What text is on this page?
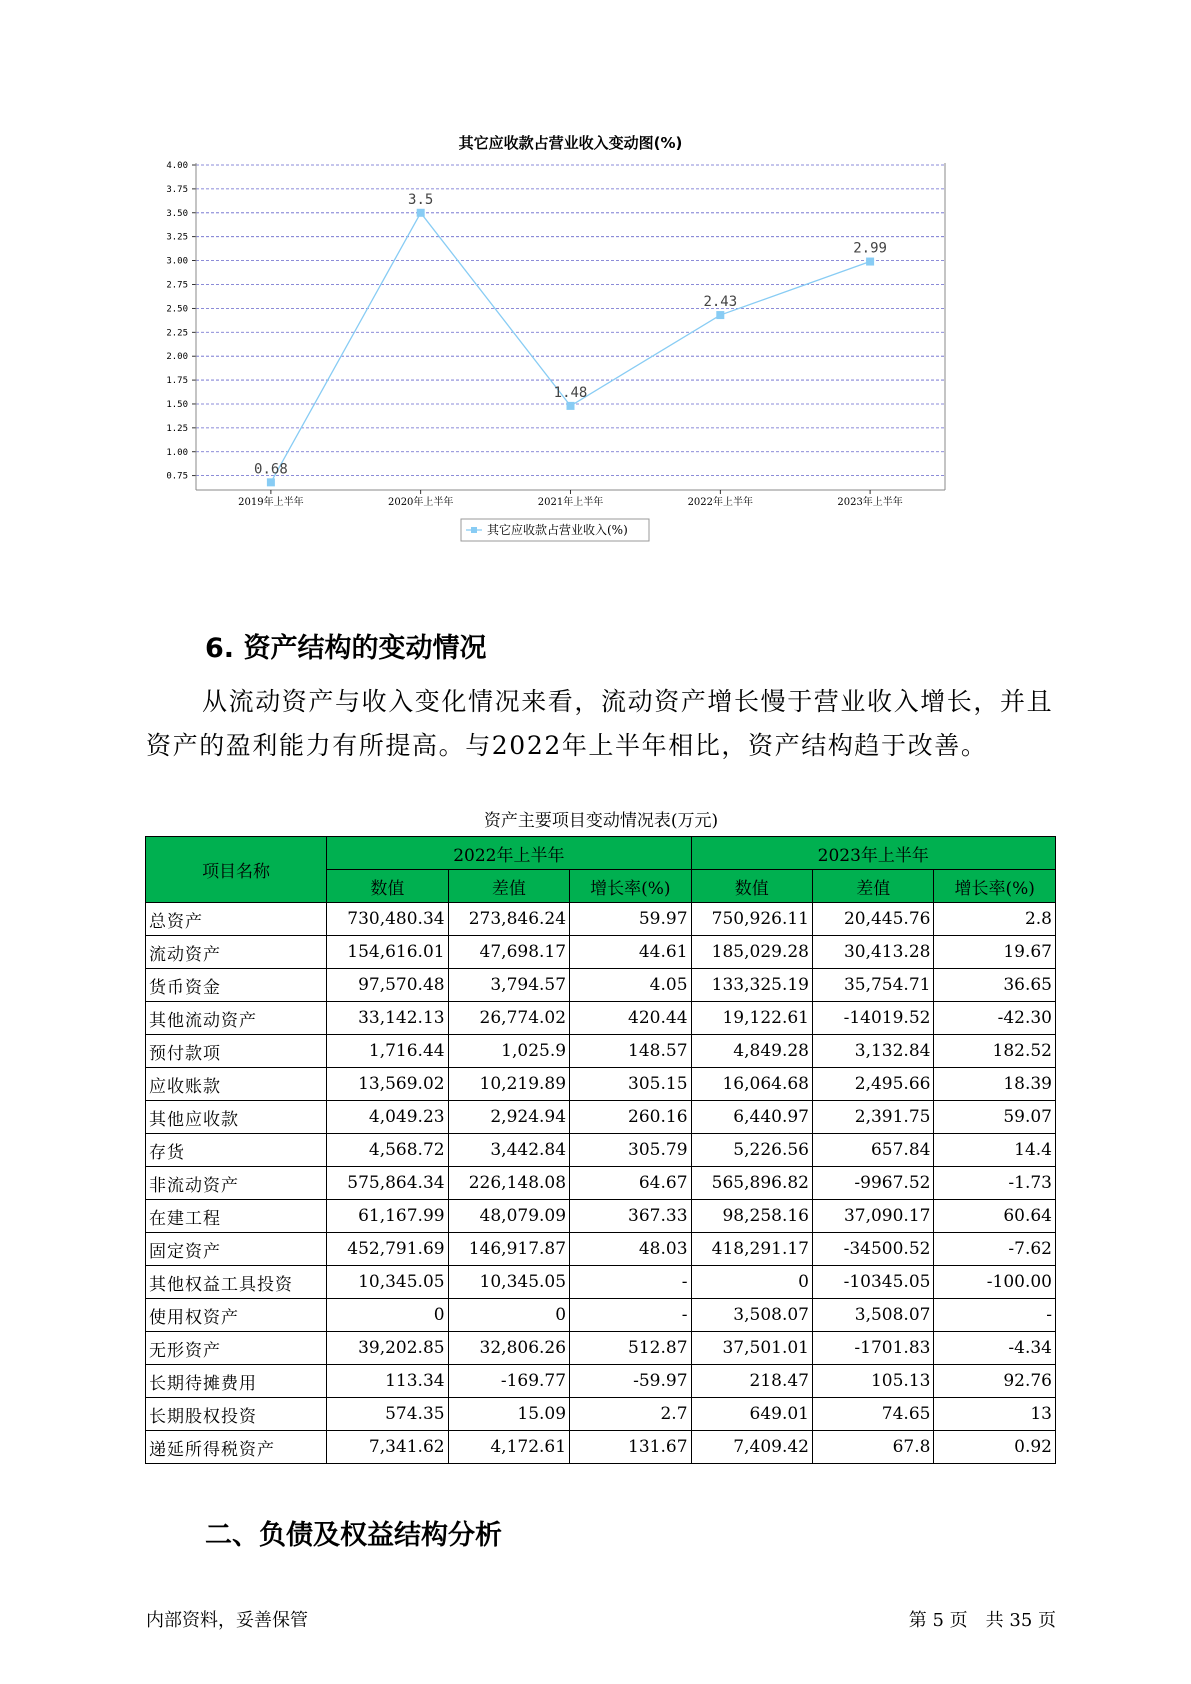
其它应收款占营业收入变动图(%)
0.75
1.00
1.25
1.50
1.75
2.00
2.25
2.50
2.75
3.00
3.25
3.50
3.75
4.00
2019年上半年	2020年上半年	2021年上半年	2022年上半年	2023年上半年
0.68
3.5
1.48
2.43
2.99
其它应收款占营业收入(%)
6. 资产结构的变动情况

从流动资产与收入变化情况来看，流动资产增长慢于营业收入增长，并且资产的盈利能力有所提高。与2022年上半年相比，资产结构趋于改善。

资产主要项目变动情况表(万元)
项目名称	2022年上半年			2023年上半年		
	数值	差值	增长率(%)	数值	差值	增长率(%)
总资产	730,480.34	273,846.24	59.97	750,926.11	20,445.76	2.8
流动资产	154,616.01	47,698.17	44.61	185,029.28	30,413.28	19.67
货币资金	97,570.48	3,794.57	4.05	133,325.19	35,754.71	36.65
其他流动资产	33,142.13	26,774.02	420.44	19,122.61	-14019.52	-42.30
预付款项	1,716.44	1,025.9	148.57	4,849.28	3,132.84	182.52
应收账款	13,569.02	10,219.89	305.15	16,064.68	2,495.66	18.39
其他应收款	4,049.23	2,924.94	260.16	6,440.97	2,391.75	59.07
存货	4,568.72	3,442.84	305.79	5,226.56	657.84	14.4
非流动资产	575,864.34	226,148.08	64.67	565,896.82	-9967.52	-1.73
在建工程	61,167.99	48,079.09	367.33	98,258.16	37,090.17	60.64
固定资产	452,791.69	146,917.87	48.03	418,291.17	-34500.52	-7.62
其他权益工具投资	10,345.05	10,345.05	-	0	-10345.05	-100.00
使用权资产	0	0	-	3,508.07	3,508.07	-
无形资产	39,202.85	32,806.26	512.87	37,501.01	-1701.83	-4.34
长期待摊费用	113.34	-169.77	-59.97	218.47	105.13	92.76
长期股权投资	574.35	15.09	2.7	649.01	74.65	13
递延所得税资产	7,341.62	4,172.61	131.67	7,409.42	67.8	0.92
二、负债及权益结构分析
内部资料，妥善保管	第 5 页　共 35 页
